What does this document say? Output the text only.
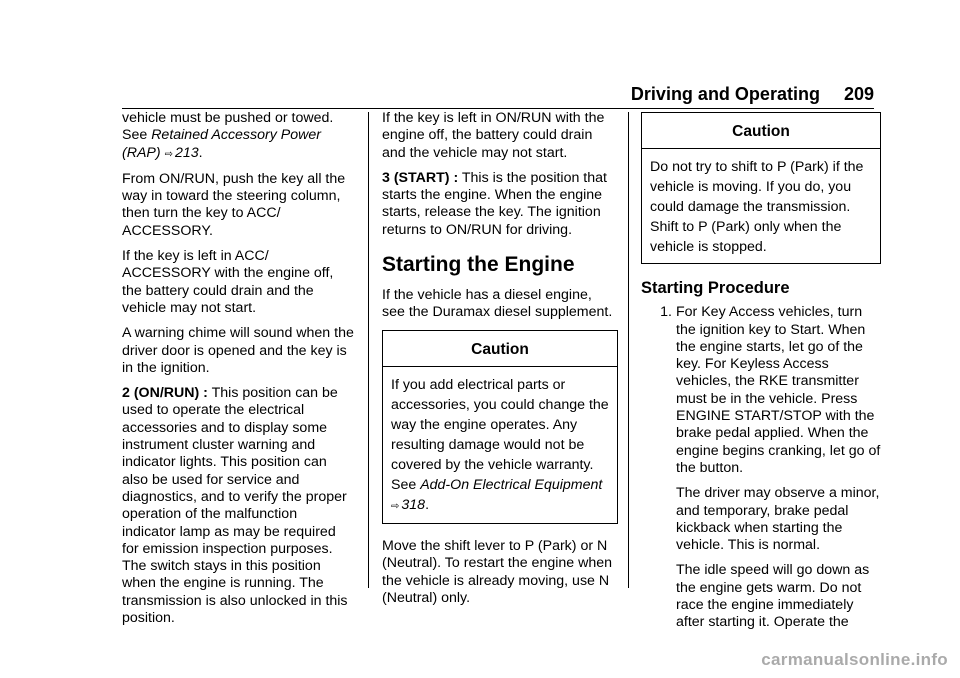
Driving and Operating 209

vehicle must be pushed or towed.
See Retained Accessory Power (RAP) ⇨ 213.

From ON/RUN, push the key all the way in toward the steering column, then turn the key to ACC/ ACCESSORY.

If the key is left in ACC/ ACCESSORY with the engine off, the battery could drain and the vehicle may not start.

A warning chime will sound when the driver door is opened and the key is in the ignition.

2 (ON/RUN) : This position can be used to operate the electrical accessories and to display some instrument cluster warning and indicator lights. This position can also be used for service and diagnostics, and to verify the proper operation of the malfunction indicator lamp as may be required for emission inspection purposes. The switch stays in this position when the engine is running. The transmission is also unlocked in this position.

If the key is left in ON/RUN with the engine off, the battery could drain and the vehicle may not start.

3 (START) : This is the position that starts the engine. When the engine starts, release the key. The ignition returns to ON/RUN for driving.

Starting the Engine

If the vehicle has a diesel engine, see the Duramax diesel supplement.

Caution

If you add electrical parts or accessories, you could change the way the engine operates. Any resulting damage would not be covered by the vehicle warranty. See Add-On Electrical Equipment
⇨ 318.

Move the shift lever to P (Park) or N (Neutral). To restart the engine when the vehicle is already moving, use N (Neutral) only.

Caution
Do not try to shift to P (Park) if the vehicle is moving. If you do, you could damage the transmission. Shift to P (Park) only when the vehicle is stopped.
Starting Procedure
1. For Key Access vehicles, turn the ignition key to Start. When the engine starts, let go of the key. For Keyless Access vehicles, the RKE transmitter must be in the vehicle. Press ENGINE START/STOP with the brake pedal applied. When the engine begins cranking, let go of the button.

The driver may observe a minor, and temporary, brake pedal kickback when starting the vehicle. This is normal.

The idle speed will go down as the engine gets warm. Do not race the engine immediately after starting it. Operate the

carmanualsonline.info
